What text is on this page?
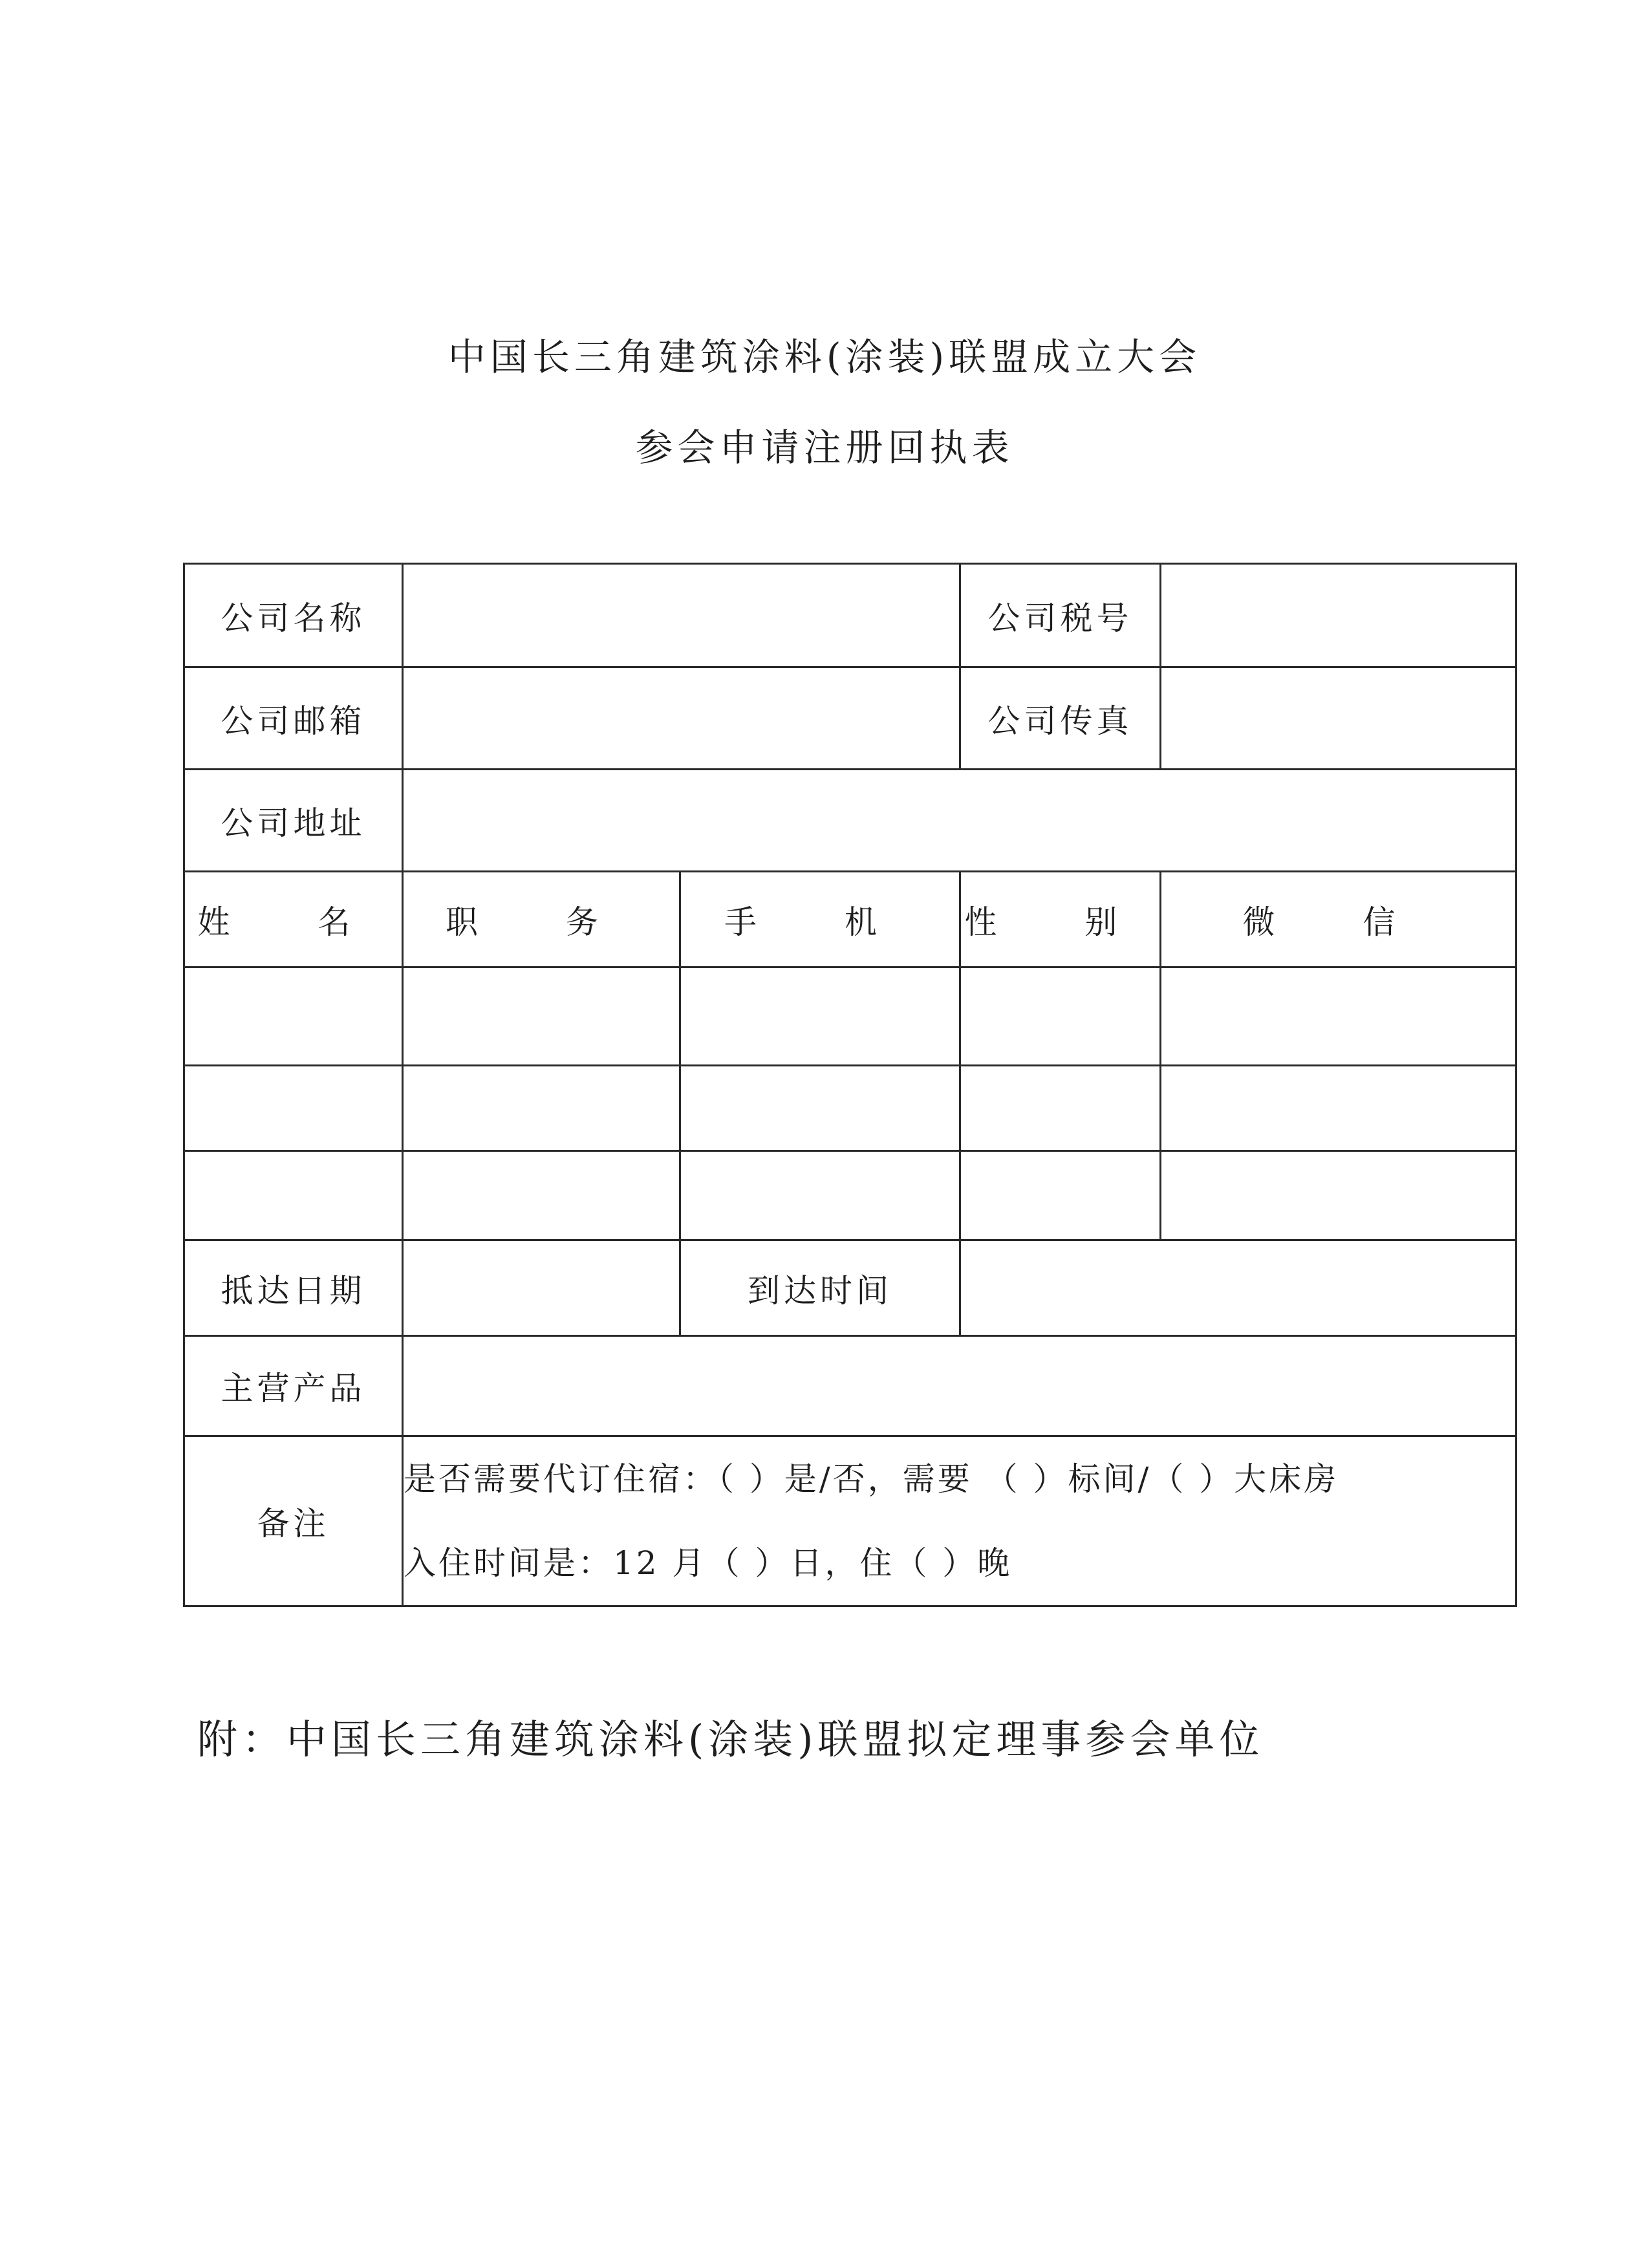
中国长三角建筑涂料(涂装)联盟成立大会
参会申请注册回执表
公司名称			公司税号	
公司邮箱			公司传真	
公司地址				
姓 名	职 务	手 机	性 别	微 信

抵达日期		到达时间		
主营产品				
备注	是否需要代订住宿：（ ）是/否，需要 （ ）标间/（ ）大床房
入住时间是：12 月（ ）日，住（ ）晚			
附：中国长三角建筑涂料(涂装)联盟拟定理事参会单位
